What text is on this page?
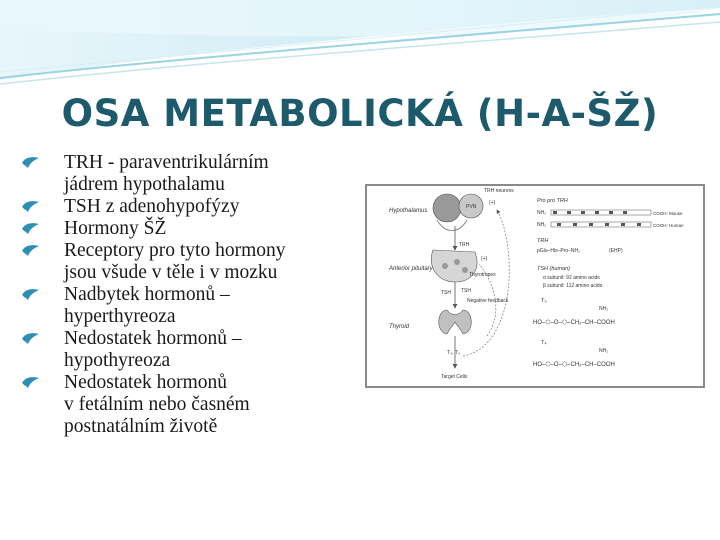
OSA METABOLICKÁ (H-A-ŠŽ)
TRH - paraventrikulárním
jádrem hypothalamu
TSH z adenohypofýzy
Hormony ŠŽ
Receptory pro tyto hormony
jsou všude v těle i v mozku
Nadbytek hormonů –
hyperthyreoza
Nedostatek hormonů –
hypothyreoza
Nedostatek hormonů
v fetálním nebo časném
postnatálním životě
Hypothalamus
Anterior pituitary
Thyroid
PVN
TRH neurons
(+)
TRH
(+)
Thyrotropes
TSH TSH
T₃, T₄
Target Cells
Negative feedback
Pro pro TRH
NH₂	COOH: Mouse
NH₂	COOH: Human
TRH
pGlu–His–Pro–NH₂	(EHP)
TSH (human)
α subunit: 92 amino acids
β subunit: 112 amino acids
T₃
NH₂
HO–⬡–O–⬡–CH₂–CH–COOH
T₄
NH₂
HO–⬡–O–⬡–CH₂–CH–COOH
